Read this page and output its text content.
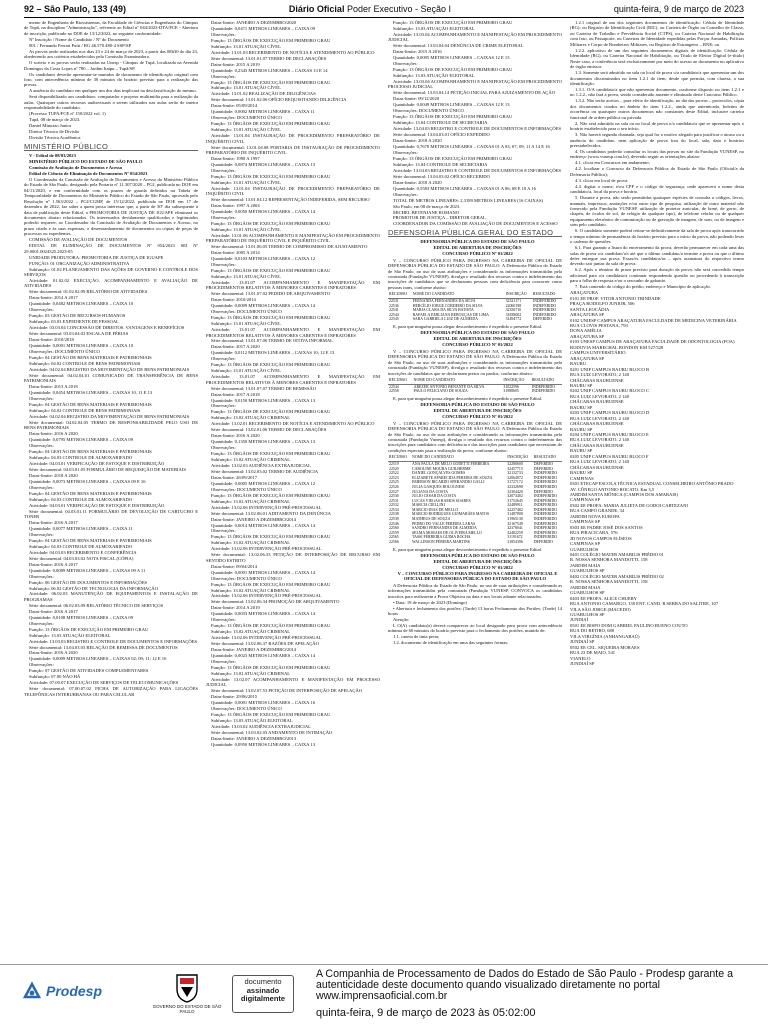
92 – São Paulo, 133 (49)	Diário Oficial Poder Executivo - Seção I	quinta-feira, 9 de março de 2023

mento de Engenharia de Biossistemas, da Faculdade de Ciências e Engenharia do Câmpus de Tupã, na disciplina "Administração", referente ao Edital nº 044/2023-DTA/FCE - Abertura de inscrição, publicado no DOE de 13/12/2022, no seguinte conformidade:

Nº Inscrição / Nome do Candidato / Nº do Documento

001 / Fernando Ferrari Putti / RG 46.570.480-4 SSP/SP

As provas serão realizadas nos dias 23 e 24 de março de 2023, a partir das 08h30 do dia 23, obedecendo aos critérios estabelecidos pela Comissão Examinadora.

O sorteio e as provas serão realizadas na Unesp - Câmpus de Tupã, localizada na Avenida Domingos da Costa Lopes nº 780 – Jardim Itaipu – Tupã/SP.

Os candidatos deverão apresentar-se munidos de documento de identificação original com foto, com antecedência mínima de 30 minutos do horário previsto para a realização das provas.

A ausência do candidato em qualquer um dos dias implicará na desclassificação do mesmo.

Será disponibilizado aos candidatos: computador e projetor multimídia para a realização da aulas. Quaisquer outros recursos audiovisuais a serem utilizados nas aulas serão de inteira responsabilidade do candidato.

(Processo TUPA/FCE nº 150/2022 vol. 1)

Tupã, 08 de março de 2023.

Daniel Minozzo Junior

Diretor Técnico de Divisão

Divisão Técnica Acadêmica

MINISTÉRIO PÚBLICO

V - Edital de 08/03/2023

MINISTÉRIO PÚBLICO DO ESTADO DE SÃO PAULO

Comissão de Avaliação de Documentos e Acesso

Edital de Ciência de Eliminação de Documentos Nº 054/2023

O Coordenador da Comissão de Avaliação de Documentos e Acesso do Ministério Público do Estado de São Paulo, designado pela Portaria nº 11.307/2020 – PGJ, publicada no DOE em 04/11/2020, e em conformidade com os prazos de guarda definidos na Tabela de Temporalidade de Documentos do Ministério Público do Estado de São Paulo, aprovada pelo Resolução nº 1.563/2022 – PGJ/CGMP, de 15/12/2022, publicada no DOE em 17 de dezembro de 2022, faz saber a quem possa interessar que, a partir de 30º dia subsequente à data de publicação deste Edital, a PROMOTORIA DE JUSTIÇA DE IGUAPE eliminará os documentos abaixo relacionados. Os interessados devidamente qualificados e legitimados poderão requerer, ao Coordenador da Comissão de Avaliação de Documentos e Acesso, no prazo citado e às suas expensas, o desentranhamento de documentos ou cópias de peças de processos ou expedientes.

COMISSÃO DE AVALIAÇÃO DE DOCUMENTOS

EDITAL DE ELIMINAÇÃO DE DOCUMENTOS Nº 054/2023 SEI Nº 29.0001.0024325.2023-05

UNIDADE PRODUTORA: PROMOTORIA DE JUSTIÇA DE IGUAPE

FUNÇÃO: 01 ORGANIZAÇÃO ADMINISTRATIVA

Subfunção: 01.02 PLANEJAMENTO DAS AÇÕES DE GOVERNO E CONTROLE DOS SERVIÇOS

Atividade: 01.02.02 EXECUÇÃO, ACOMPANHAMENTO E AVALIAÇÃO DE ATIVIDADES

Série documental: 01.02.02.09 RELATÓRIO DE ATIVIDADES

Datas-limite: 2014 A 2017

Quantidade: 0,0482 METROS LINEARES – CAIXA 10

Observações:

Função: 03 GESTÃO DE RECURSOS HUMANOS

Subfunção: 03.03 EXPEDIENTE DE PESSOAL

Atividade: 03.03.04 CONCESSÃO DE DIREITOS, VANTAGENS E BENEFÍCIOS

Série documental: 03.03.04.02 ESCALA DE FÉRIAS

Datas-limite: 2010/2018

Quantidade: 0,0001 METROS LINEARES – CAIXA 10

Observações: DOCUMENTO ÚNICO

Função: 04 GESTÃO DE BENS MATERIAIS E PATRIMONIAIS

Subfunção: 04.02 CONTROLE DE BENS PATRIMONIAIS

Atividade: 04.02.04 REGISTRO DA MOVIMENTAÇÃO DE BENS PATRIMONIAIS

Série documental: 04.02.04.01 COMUNICADO DE TRANSFERÊNCIA DE BENS PATRIMONIAIS

Datas-limite: 2013 A 2018

Quantidade: 0,0454 METROS LINEARES – CAIXAS 10, 11 E 13

Observações:

Função: 04 GESTÃO DE BENS MATERIAIS E PATRIMONIAIS

Subfunção: 04.02 CONTROLE DE BENS PATRIMONIAIS

Atividade: 04.02.04 REGISTRO DA MOVIMENTAÇÃO DE BENS PATRIMONIAIS

Série documental: 04.02.04.05 TERMO DE RESPONSABILIDADE PELO USO DE BENS PATRIMONIAIS

Datas-limite: 2016 A 2020

Quantidade: 0,0795 METROS LINEARES – CAIXA 09

Observações:

Função: 04 GESTÃO DE BENS MATERIAIS E PATRIMONIAIS

Subfunção: 04.03 CONTROLE DE ALMOXARIFADO

Atividade: 04.03.01 VERIFICAÇÃO DE ESTOQUE E DISTRIBUIÇÃO

Série documental: 04.03.01.05 FORMULÁRIO DE REQUISIÇÃO DE MATERIAIS

Datas-limite: 2018 A 2020

Quantidade: 0,0073 METROS LINEARES – CAIXAS 09 E 16

Observações:

Função: 04 GESTÃO DE BENS MATERIAIS E PATRIMONIAIS

Subfunção: 04.03 CONTROLE DE ALMOXARIFADO

Atividade: 04.03.01 VERIFICAÇÃO DE ESTOQUE E DISTRIBUIÇÃO

Série documental: 04.03.01.11 FORMULÁRIO DE DEVOLUÇÃO DE CARTUCHO E TONER

Datas-limite: 2016 A 2017

Quantidade: 0,0077 METROS LINEARES – CAIXA 11

Observações:

Função: 04 GESTÃO DE BENS MATERIAIS E PATRIMONIAIS

Subfunção: 04.03 CONTROLE DE ALMOXARIFADO

Atividade: 04.03.03 RECEBIMENTO E CONFERÊNCIA

Série documental: 04.03.03.02 NOTA FISCAL (CÓPIA)

Datas-limite: 2016 A 2017

Quantidade: 0,0089 METROS LINEARES – CAIXAS 09 A 11

Observações:

Função: 06 GESTÃO DE DOCUMENTOS E INFORMAÇÕES

Subfunção: 06.02 GESTÃO DE TECNOLOGIA DA INFORMAÇÃO

Atividade: 06.02.03 MANUTENÇÃO DE EQUIPAMENTOS E INSTALAÇÃO DE PROGRAMAS

Série documental: 06.02.03.09 RELATÓRIO TÉCNICO DE SERVIÇOS

Datas-limite: 2016 A 2017

Quantidade: 0,0108 METROS LINEARES – CAIXA 09

Observações:

Função: 13 ÓRGÃOS DE EXECUÇÃO EM PRIMEIRO GRAU

Subfunção: 13.03 ATUAÇÃO ELEITORAL

Atividade: 13.03.03 REGISTRO E CONTROLE DE DOCUMENTOS E INFORMAÇÕES

Série documental: 13.04.03.03 RELAÇÃO DE REMESSA DE DOCUMENTOS

Datas-limite: 2016 A 2020

Quantidade: 0,0009 METROS LINEARES – CAIXAS 02; 09; 11; 12 E 16

Observações:

Função: 07 GESTÃO DE ATIVIDADES COMPLEMENTARES

Subfunção: 07.00 NÃO HÁ

Atividade: 07.00.07 EXECUÇÃO DE SERVIÇOS DE TELECOMUNICAÇÕES

Série documental: 07.00.07.02 FICHA DE AUTORIZAÇÃO PARA LIGAÇÕES TELEFÔNICAS INTERURBANAS OU PARA CELULAR

Datas-limite: JANEIRO A DEZEMBRO/2020

Quantidade: 0,0471 METROS LINEARES – CAIXA 09

Observações:

Função: 13 ÓRGÃOS DE EXECUÇÃO EM PRIMEIRO GRAU

Subfunção: 13.01 ATUAÇÃO CÍVEL

Atividade: 13.01.03 RECEBIMENTO DE NOTÍCIA E ATENDIMENTO AO PÚBLICO

Série documental: 13.01.01.07 TERMO DE DECLARAÇÕES

Datas-limite: 2015 A 2019

Quantidade: 0,2345 METROS LINEARES – CAIXAS 13 E 14

Observações:

Função: 13 ÓRGÃOS DE EXECUÇÃO EM PRIMEIRO GRAU

Subfunção: 13.01 ATUAÇÃO CÍVEL

Atividade: 13.01.02 REALIZAÇÃO DE DILIGÊNCIAS

Série documental: 13.01.02.06 OFÍCIO REQUISITANDO DILIGÊNCIA

Datas-limite: 05/09/2014

Quantidade: 0,0002 METROS LINEARES – CAIXA 11

Observações: DOCUMENTO ÚNICO

Função: 13 ÓRGÃOS DE EXECUÇÃO EM PRIMEIRO GRAU

Subfunção: 13.01 ATUAÇÃO CÍVEL

Atividade: 13.01.04 INSTAURAÇÃO DE PROCEDIMENTO PREPARATÓRIO DE INQUÉRITO CIVIL

Série documental: 13.01.04.08 PORTARIA DE INSTAURAÇÃO DE PROCEDIMENTO PREPARATÓRIO DE INQUÉRITO CIVIL

Datas-limite: 1990 A 1997

Quantidade: 0,0874 METROS LINEARES – CAIXA 13

Observações:

Função: 13 ÓRGÃOS DE EXECUÇÃO EM PRIMEIRO GRAU

Subfunção: 13.01 ATUAÇÃO CÍVEL

Atividade: 13.01.04 INSTAURAÇÃO DE PROCEDIMENTO PREPARATÓRIO DE INQUÉRITO CIVIL

Série documental: 13.01.04.12 REPRESENTAÇÃO INDEFERIDA, SEM RECURSO

Datas-limite: 1997 A 2004

Quantidade: 0,0050 METROS LINEARES – CAIXA 14

Observações:

Função: 13 ÓRGÃOS DE EXECUÇÃO EM PRIMEIRO GRAU

Subfunção: 13.01 ATUAÇÃO CÍVEL

Atividade: 13.01.06 ACOMPANHAMENTO E MANIFESTAÇÃO EM PROCEDIMENTO PREPARATÓRIO DE INQUÉRITO CIVIL E INQUÉRITO CIVIL

Série documental: 13.01.06.05 TERMO DE COMPROMISSO DE AJUSTAMENTO

Datas-limite: 2005 A 2014

Quantidade: 0,0103 METROS LINEARES – CAIXA 12

Observações:

Função: 13 ÓRGÃOS DE EXECUÇÃO EM PRIMEIRO GRAU

Subfunção: 13.01 ATUAÇÃO CÍVEL

Atividade: 13.01.07 ACOMPANHAMENTO E MANIFESTAÇÃO EM PROCEDIMENTOS RELATIVOS À MENORES CARENTES E INFRATORES

Série documental: 13.01.07.02 PEDIDO DE ARQUIVAMENTO

Datas-limite: 2010/2014

Quantidade: 0,0009 METROS LINEARES – CAIXA 14

Observações: DOCUMENTO ÚNICO

Função: 13 ÓRGÃOS DE EXECUÇÃO EM PRIMEIRO GRAU

Subfunção: 13.01 ATUAÇÃO CÍVEL

Atividade: 13.01.07 ACOMPANHAMENTO E MANIFESTAÇÃO EM PROCEDIMENTOS RELATIVOS À MENORES CARENTES E INFRATORES

Série documental: 13.01.07.06 TERMO DE OITIVA INFORMAL

Datas-limite: 2017 A 2020

Quantidade: 0,0112 METROS LINEARES – CAIXAS 10; 12 E 13

Observações:

Função: 13 ÓRGÃOS DE EXECUÇÃO EM PRIMEIRO GRAU

Subfunção: 13.01 ATUAÇÃO CÍVEL

Atividade: 13.01.07 ACOMPANHAMENTO E MANIFESTAÇÃO EM PROCEDIMENTOS RELATIVOS À MENORES CARENTES E INFRATORES

Série documental: 13.01.07.07 TERMO DE REMISSÃO

Datas-limite: 2017 A 2018

Quantidade: 0,0150 METROS LINEARES – CAIXA 13

Observações:

Função: 13 ÓRGÃOS DE EXECUÇÃO EM PRIMEIRO GRAU

Subfunção: 13.02 ATUAÇÃO CRIMINAL

Atividade: 13.02.01 RECEBIMENTO DE NOTÍCIA E ATENDIMENTO AO PÚBLICO

Série documental: 13.02.01.06 TERMO DE DECLARAÇÕES

Datas-limite: 2016 A 2020

Quantidade: 0,1350 METROS LINEARES – CAIXA 13

Observações:

Função: 13 ÓRGÃOS DE EXECUÇÃO EM PRIMEIRO GRAU

Subfunção: 13.02 ATUAÇÃO CRIMINAL

Atividade: 13.02.03 AUDIÊNCIA EXTRAJUDICIAL

Série documental: 13.02.03.02 TERMO DE AUDIÊNCIA

Datas-limite: 26/09/2017

Quantidade: 0,0005 METROS LINEARES – CAIXA 12

Observações: DOCUMENTO ÚNICO

Função: 13 ÓRGÃOS DE EXECUÇÃO EM PRIMEIRO GRAU

Subfunção: 13.02 ATUAÇÃO CRIMINAL

Atividade: 13.02.06 INTERVENÇÃO PRÉ-PROCESSUAL

Série documental: 13.02.06.01 ADITAMENTO DA DENÚNCIA

Datas-limite: JANEIRO A DEZEMBRO/2014

Quantidade: 0,0014 METROS LINEARES – CAIXA 14

Observações:

Função: 13 ÓRGÃOS DE EXECUÇÃO EM PRIMEIRO GRAU

Subfunção: 13.02 ATUAÇÃO CRIMINAL

Atividade: 13.02.06 INTERVENÇÃO PRÉ-PROCESSUAL

Série documental: 13.02.06.33 PETIÇÃO DE INTERPOSIÇÃO DE RECURSO EM SENTIDO ESTRITO

Datas-limite: 09/04/2014

Quantidade: 0,0001 METROS LINEARES – CAIXA 14

Observações: DOCUMENTO ÚNICO

Função: 13 ÓRGÃOS DE EXECUÇÃO EM PRIMEIRO GRAU

Subfunção: 13.02 ATUAÇÃO CRIMINAL

Atividade: 13.02.06 INTERVENÇÃO PRÉ-PROCESSUAL

Série documental: 13.02.06.34 PROMOÇÃO DE ARQUIVAMENTO

Datas-limite: 2014 A 2019

Quantidade: 0,0033 METROS LINEARES – CAIXA 14

Observações:

Função: 13 ÓRGÃOS DE EXECUÇÃO EM PRIMEIRO GRAU

Subfunção: 13.02 ATUAÇÃO CRIMINAL

Atividade: 13.02.06 INTERVENÇÃO PRÉ-PROCESSUAL

Série documental: 13.02.06.37 RAZÕES DE APELAÇÃO

Datas-limite: JANEIRO A DEZEMBRO/2014

Quantidade: 0,0023 METROS LINEARES – CAIXA 14

Observações:

Função: 13 ÓRGÃOS DE EXECUÇÃO EM PRIMEIRO GRAU

Subfunção: 13.02 ATUAÇÃO CRIMINAL

Atividade: 13.02.07 ACOMPANHAMENTO E MANIFESTAÇÃO EM PROCESSO JUDICIAL

Série documental: 13.02.07.53 PETIÇÃO DE INTERPOSIÇÃO DE APELAÇÃO

Datas-limite: 29/06/2015

Quantidade: 0,0001 METROS LINEARES – CAIXA 16

Observações: DOCUMENTO ÚNICO

Função: 13 ÓRGÃOS DE EXECUÇÃO EM PRIMEIRO GRAU

Subfunção: 13.03 ATUAÇÃO ELEITORAL

Atividade: 13.03.02 AUDIÊNCIA EXTRAJUDICIAL

Série documental: 13.03.02.03 ANDAMENTO DE INTIMAÇÃO

Datas-limite: JANEIRO A DEZEMBRO/2013

Quantidade: 0,0950 METROS LINEARES – CAIXA 13

Função: 13 ÓRGÃOS DE EXECUÇÃO EM PRIMEIRO GRAU

Subfunção: 13.03 ATUAÇÃO ELEITORAL

Atividade: 13.03.04 ACOMPANHAMENTO E MANIFESTAÇÃO EM PROCEDIMENTO JUDICIAL

Série documental: 13.03.04.04 DENÚNCIA DE CRIME ELEITORAL

Datas-limite: 2015 A 2016

Quantidade: 0,0005 METROS LINEARES – CAIXAS 12 E 13

Observações:

Função: 13 ÓRGÃOS DE EXECUÇÃO EM PRIMEIRO GRAU

Subfunção: 13.03 ATUAÇÃO ELEITORAL

Atividade: 13.03.04 ACOMPANHAMENTO E MANIFESTAÇÃO EM PROCEDIMENTO PROCESSO JUDICIAL

Série documental: 13.03.04.14 PETIÇÃO INICIAL PARA AJUIZAMENTO DE AÇÃO

Datas-limite: 09/12/2020

Quantidade: 0,0049 METROS LINEARES – CAIXAS 12 E 13

Observações: DOCUMENTO ÚNICO

Função: 13 ÓRGÃOS DE EXECUÇÃO EM PRIMEIRO GRAU

Subfunção: 13.04 CONTROLE DE SECRETARIA

Atividade: 13.04.03 REGISTRO E CONTROLE DE DOCUMENTOS E INFORMAÇÕES

Série documental: 13.04.03.01 OFÍCIO EXPEDIDO

Datas-limite: 2018 A 2020

Quantidade: 0,7670 METROS LINEARES – CAIXAS 01 A 03; 07; 09; 11 A 14 E 16

Observações:

Função: 13 ÓRGÃOS DE EXECUÇÃO EM PRIMEIRO GRAU

Subfunção: 13.04 CONTROLE DE SECRETARIA

Atividade: 13.04.03 REGISTRO E CONTROLE DE DOCUMENTOS E INFORMAÇÕES

Série documental: 13.04.03.02 OFÍCIO RECEBIDO

Datas-limite: 2018 A 2020

Quantidade: 0,5583 METROS LINEARES – CAIXAS 01 A 06; 08 E 10 A 16

Observações:

TOTAL DE METROS LINEARES: 2,3189 METROS LINEARES (16 CAIXAS)

São Paulo, em 08 de março de 2023.

MICHEL BETENJANE ROMANO

PROMOTOR DE JUSTIÇA – DIRETOR GERAL

COORDENADOR DA COMISSÃO DE AVALIAÇÃO DE DOCUMENTOS E ACESSO

DEFENSORIA PÚBLICA GERAL DO ESTADO

DEFENSORIA PÚBLICA DO ESTADO DE SÃO PAULO

EDITAL DE ABERTURA DE INSCRIÇÕES

CONCURSO PÚBLICO Nº 01/2022

V – CONCURSO PÚBLICO PARA INGRESSO NA CARREIRA DE OFICIAL DE DEFENSORIA PÚBLICA DO ESTADO DE SÃO PAULO. A Defensoria Pública do Estado de São Paulo, no uso de suas atribuições e considerando as informações transmitidas pela contratada (Fundação VUNESP), divulga o resultado dos recursos contra o indeferimento das inscrições de candidatos que se declararam pessoas com deficiência para concorrer como pessoas trans, conforme abaixo:

RECURSO	NOME DO CANDIDATO	INSCRIÇÃO	RESULTADO
22531	FERNANDA FERNANDES DA SILVA	32321171	INDEFERIDO
22536	HERCÍLIO JORGE CORDEIRO DA SILVA	22060198	INDEFERIDO
22541	MARIA CLARA DA SILVA BATISTA	32356710	INDEFERIDO
22544	RAFAELA EMILIANA REBOUÇAS DE LIMA	31838002	INDEFERIDO
22545	SARA GABRIELA LUIZ DE ALMEIDA	31494772	DEFERIDO

E, para que ninguém possa alegar desconhecimento é expedido o presente Edital.

DEFENSORIA PÚBLICA DO ESTADO DE SÃO PAULO

EDITAL DE ABERTURA DE INSCRIÇÕES

CONCURSO PÚBLICO Nº 01/2022

V – CONCURSO PÚBLICO PARA INGRESSO NA CARREIRA DE OFICIAL DE DEFENSORIA PÚBLICA DO ESTADO DE SÃO PAULO. A Defensoria Pública do Estado de São Paulo, no uso de suas atribuições e considerando as informações transmitidas pela contratada (Fundação VUNESP), divulga o resultado dos recursos contra o indeferimento das inscrições de candidatos que se declararam pretos ou pardos, conforme abaixo:

RECURSO	NOME DO CANDIDATO	INSCRIÇÃO	RESULTADO
22544	ABEZER ANTONIO BENANTE DA SILVA	31022596	INDEFERIDO
22558	PAULO FELICIANO DE SOUZA	31988605	INDEFERIDO

E, para que ninguém possa alegar desconhecimento é expedido o presente Edital.

DEFENSORIA PÚBLICA DO ESTADO DE SÃO PAULO

EDITAL DE ABERTURA DE INSCRIÇÕES

CONCURSO PÚBLICO Nº 01/2022

V – CONCURSO PÚBLICO PARA INGRESSO NA CARREIRA DE OFICIAL DE DEFENSORIA PÚBLICA DO ESTADO DE SÃO PAULO. A Defensoria Pública do Estado de São Paulo, no uso de suas atribuições e considerando as informações transmitidas pela contratada (Fundação Vunesp), divulga o resultado dos recursos contra o indeferimento das inscrições para candidatos com deficiência e das inscrições para candidatos que necessitam de condições especiais para a realização da prova, conforme abaixo:

RECURSO	NOME DO CANDIDATO	INSCRIÇÃO	RESULTADO
22519	ANA PAULA DE MELO GODETTI FERREIRA	32280600	DEFERIDO
22520	CAROLINE MOURA GUILHERME	32457715	DEFERIDO
22522	DANIEL GONÇALVES GOMES	32132733	INDEFERIDO
22523	ELIZABETE APARECIDA PEREIRA DE SOUZA	32064072	INDEFERIDO
22525	EMERSON RICARDO SPERANDIO GALLI	31727172	INDEFERIDO
22526	JULIA GASQUES BOLOGNESI	32332698	INDEFERIDO
22527	JULIANA DA COSTA	32304420	DEFERIDO
22530	JULIO CESAR DA COSTA	32073402	INDEFERIDO
22531	LUCAS VIEGAS RAMOS SOARES	31752645	INDEFERIDO
22532	MARCIA CIELLINI	32489911	INDEFERIDO
22534	MARCIO DIAS DE MELLO	32257482	INDEFERIDO
22538	MARCIO RODRIGUES GUIMARÃES MATOS	31487808	INDEFERIDO
22539	MATHEUS DE SOUZA	31965130	INDEFERIDO
22546	PEDRO DO VALLE PEREIRA LARAS	32167549	INDEFERIDO
22560	SANDRO FERNANDES DE ALMEIDA	32378041	INDEFERIDO
22559	SELMA MORAES DE OLIVEIRA MELLO	32482259	INDEFERIDO
22565	TASSI FERREIRA GUIMA ROCHA	31191672	INDEFERIDO
22566	WALLINSON PEREIRA MARTINS	31854396	DEFERIDO

E, para que ninguém possa alegar desconhecimento é expedido o presente Edital.

DEFENSORIA PÚBLICA DO ESTADO DE SÃO PAULO

EDITAL DE ABERTURA DE INSCRIÇÕES

CONCURSO PÚBLICO Nº 01/2022

V – CONCURSO PÚBLICO PARA INGRESSO NA CARREIRA DE OFICIAL E OFICIAL DE DEFENSORIA PÚBLICA DO ESTADO DE SÃO PAULO

A Defensoria Pública do Estado de São Paulo, no uso de suas atribuições e considerando as informações transmitidas pela contratada (Fundação VUNESP, CONVOCA os candidatos inscritos para realizarem a Prova Objetiva na data e nos locais adiante relacionados.

• Data: 19 de março de 2023 (Domingo)

• Abertura e fechamento dos portões: (Tarde) 13 horas Fechamento dos Portões: (Tarde) 14 horas

Atenção:

I. O(A) candidato(a) deverá comparecer ao local designado para prova com antecedência mínima de 60 minutos do horário previsto para o fechamento dos portões, munido de:

1.1. caneta de tinta preta;

1.2. documento de identificação em uma das seguintes formas:

1.2.1 original de um dos seguintes documentos de identificação: Cédula de Identidade (RG); ou Registro de Identificação Civil (RIC), ou Carteira de Órgão ou Conselho de Classe, ou Carteira de Trabalho e Previdência Social (CTPS), ou Carteira Nacional de Habilitação com foto, ou Passaporte, ou Carteiras de Identidade expedidas pelas Forças Armadas, Polícias Militares e Corpo de Bombeiros Militares, ou Registro de Estrangeiro – RNE; ou

1.2.2. aplicativo de um dos seguintes documentos digitais de identificação: Cédula de Identidade (RG), ou Carteira Nacional de Habilitação, ou Título de Eleitor Digital (e-título) Neste caso, a conferência será exclusivamente por meio do acesso ao documento no aplicativo de órgão emissor.

1.3. Somente será admitido na sala ou local de prova o/a candidato/a que apresentar um dos documentos discriminados no item 1.2.1 do item, desde que permita, com clareza, a sua identificação.

1.3.1. O/A candidato/a que não apresentar documento, conforme disposto no item 1.2.1 e no 1.2.2., não fará a prova, sendo considerado ausente e eliminado deste Concurso Público.

1.3.2. Não serão aceitos – para efeito de identificação, no dia das provas – protocolos, cópia dos documentos citados no âmbito do item 1.2.2., ainda que autenticada, boletim de ocorrência ou quaisquer outros documentos não constantes deste Edital, inclusive carteira funcional de ordem pública ou privada.

2. Não será admitido na sala ou no local de prova o/a candidato/a que se apresentar após o horário estabelecido para o seu início.

3. Não haverá segunda chamada, seja qual for o motivo alegado para justificar o atraso ou a ausência do candidato, nem aplicação de prova fora do local, sala, data e horários preestabelecidos.

4. Os candidatos poderão consultar os locais das provas no site da Fundação VUNESP, no endereço (www.vunesp.com.br), devendo seguir as orientações abaixo:

4.1. clicar em Concursos em andamento;

4.2. localizar o Concurso da Defensoria Pública do Estado de São Paulo (Oficial/a da Defensoria Pública);

4.3. clicar em local de prova.

4.4. digitar o nome, e/ou CPF e o código de segurança, onde aparecerá o nome desta candidato/a, local da prova e horário.

5. Durante a prova, não serão permitidas quaisquer espécies de consulta a códigos, livros, manuais, impressos, anotações e/ou outro tipo de pesquisa, utilização de outro material não fornecido pela Fundação VUNESP, utilização de protetor auricular, de boné, de gorro, de chapéu, de óculos de sol, de relógio de qualquer tipo), de telefone celular ou de qualquer equipamento eletrônico de comunicação ou de gravação de imagem, de som, ou de imagem e som pelo candidato.

6. O candidato somente poderá retirar-se definitivamente da sala de prova após transcorrido o tempo mínimo de permanência do horário previsto para o início da prova, não podendo levar o caderno de questões.

6.1. Para garantir a lisura do encerramento da prova, deverão permanecer em cada uma das salas de prova o/a candidato/a/s até que o último candidato/a termine a prova ou que o último deles entregue sua prova. Essas/es candidatos/as – após assinatura do respectivo termo deverão sair juntas da sala de prova.

6.2. Após o término do prazo previsto para duração da prova, não será concedido tempo adicional para o/a candidato/a continuar respondendo questão ou procedendo à transcrição para a folha de resposta e/ou o rascunho de gabarito.

7. Está contendo do código do prédio, endereço e Município de aplicação.

ARAÇATUBA
0101 EE PROF. VITOR ANTONIO TRINDADE
PRAÇA RODOLFO JUNIOR, 506
SANTA LEOCÁDIA
ARAÇATUBA SP
0102 UNIESP CAMPUS ARAÇATUBA FACULDADE DE MEDICINA VETERINÁRIA
RUA CLOVIS PESTANA, 793
DONA AMÉLIA
ARAÇATUBA SP
0103 UNESP CAMPUS DE ARAÇATUBA FACULDADE DE ODONTOLOGIA (FOA)
RODOVIA MARECHAL RONDON KM 527/528
CAMPUS UNIVERSITÁRIO
ARAÇATUBA SP
BAURU
0201 UNIP CAMPUS BAURU BLOCO B
RUA LUIZ LEVORATO, 2 140
CHÁCARAS BAURUENSE
BAURU SP
0202 UNIP CAMPUS BAURU BLOCO C
RUA LUIZ LEVORATO, 2 140
CHÁCARAS BAURUENSE
BAURU SP
0203 UNIP CAMPUS BAURU BLOCO D
RUA LUIZ LEVORATO, 2 140
CHÁCARAS BAURUENSE
BAURU SP
0204 UNIP CAMPUS BAURU BLOCO E
RUA LUIZ LEVORATO, 2 140
CHÁCARAS BAURUENSE
BAURU SP
0205 UNIP CAMPUS BAURU BLOCO F
RUA LUIZ LEVORATO, 2 140
CHÁCARAS BAURUENSE
BAURU SP
CAMPINAS
0301 ETECAP ESCOLA TÉCNICA ESTADUAL CONSELHEIRO ANTÔNIO PRADO
AV. CÔNEGO ANTONIO ROCATO, Km 3,5
JARDIM SANTA MÔNICA (CAMPOS DOS AMARAIS)
CAMPINAS SP
0302 EE PROFA. MARIA JULIETA DE GODOI CARTEZANI
RUA CAMPO GRANDE, 34
JARDIM NOVA EUROPA
CAMPINAS SP
0303 EE PADRE JOSÉ DOS SANTOS
RUA PIRACICABA, 576
JD NOVOS CAMPOS ELÍSEOS
CAMPINAS SP
GUARULHOS
0401 COLÉGIO MATER AMABILIS PRÉDIO 01
R. NOSSA SENHORA MANDOTTI, 158
JARDIM MAIA
GUARULHOS SP
0402 COLÉGIO MATER AMABILIS PRÉDIO 02
R. NOSSA SENHORA MANDOTTI, 158
JARDIM MAIA
GUARULHOS SP
0403 EE PROFA. ALICE CHUERY
RUA ANTONIO CAMARGO, 130 ENT. CAND. R SERRA DO SALITRE, 107
VILA SÃO JORGE (MACEDO)
GUARULHOS SP
JUNDIAÍ
0501 EE BISPO DOM GABRIEL PAULINO BUENO COUTO
RUA DO RETIRO, 680
VILA VIRGÍNIA (ANHANGABAÚ)
JUNDIAÍ SP
0502 EE CEL. SIQUEIRA MORAES
RUA 23 DE MAIO, 541
VIANELO
JUNDIAÍ SP
Prodesp
GOVERNO DO ESTADO DE SÃO PAULO
documento
assinado
digitalmente
A Companhia de Processamento de Dados do Estado de São Paulo - Prodesp garante a autenticidade deste documento quando visualizado diretamente no portal www.imprensaoficial.com.br
quinta-feira, 9 de março de 2023 às 05:02:00
